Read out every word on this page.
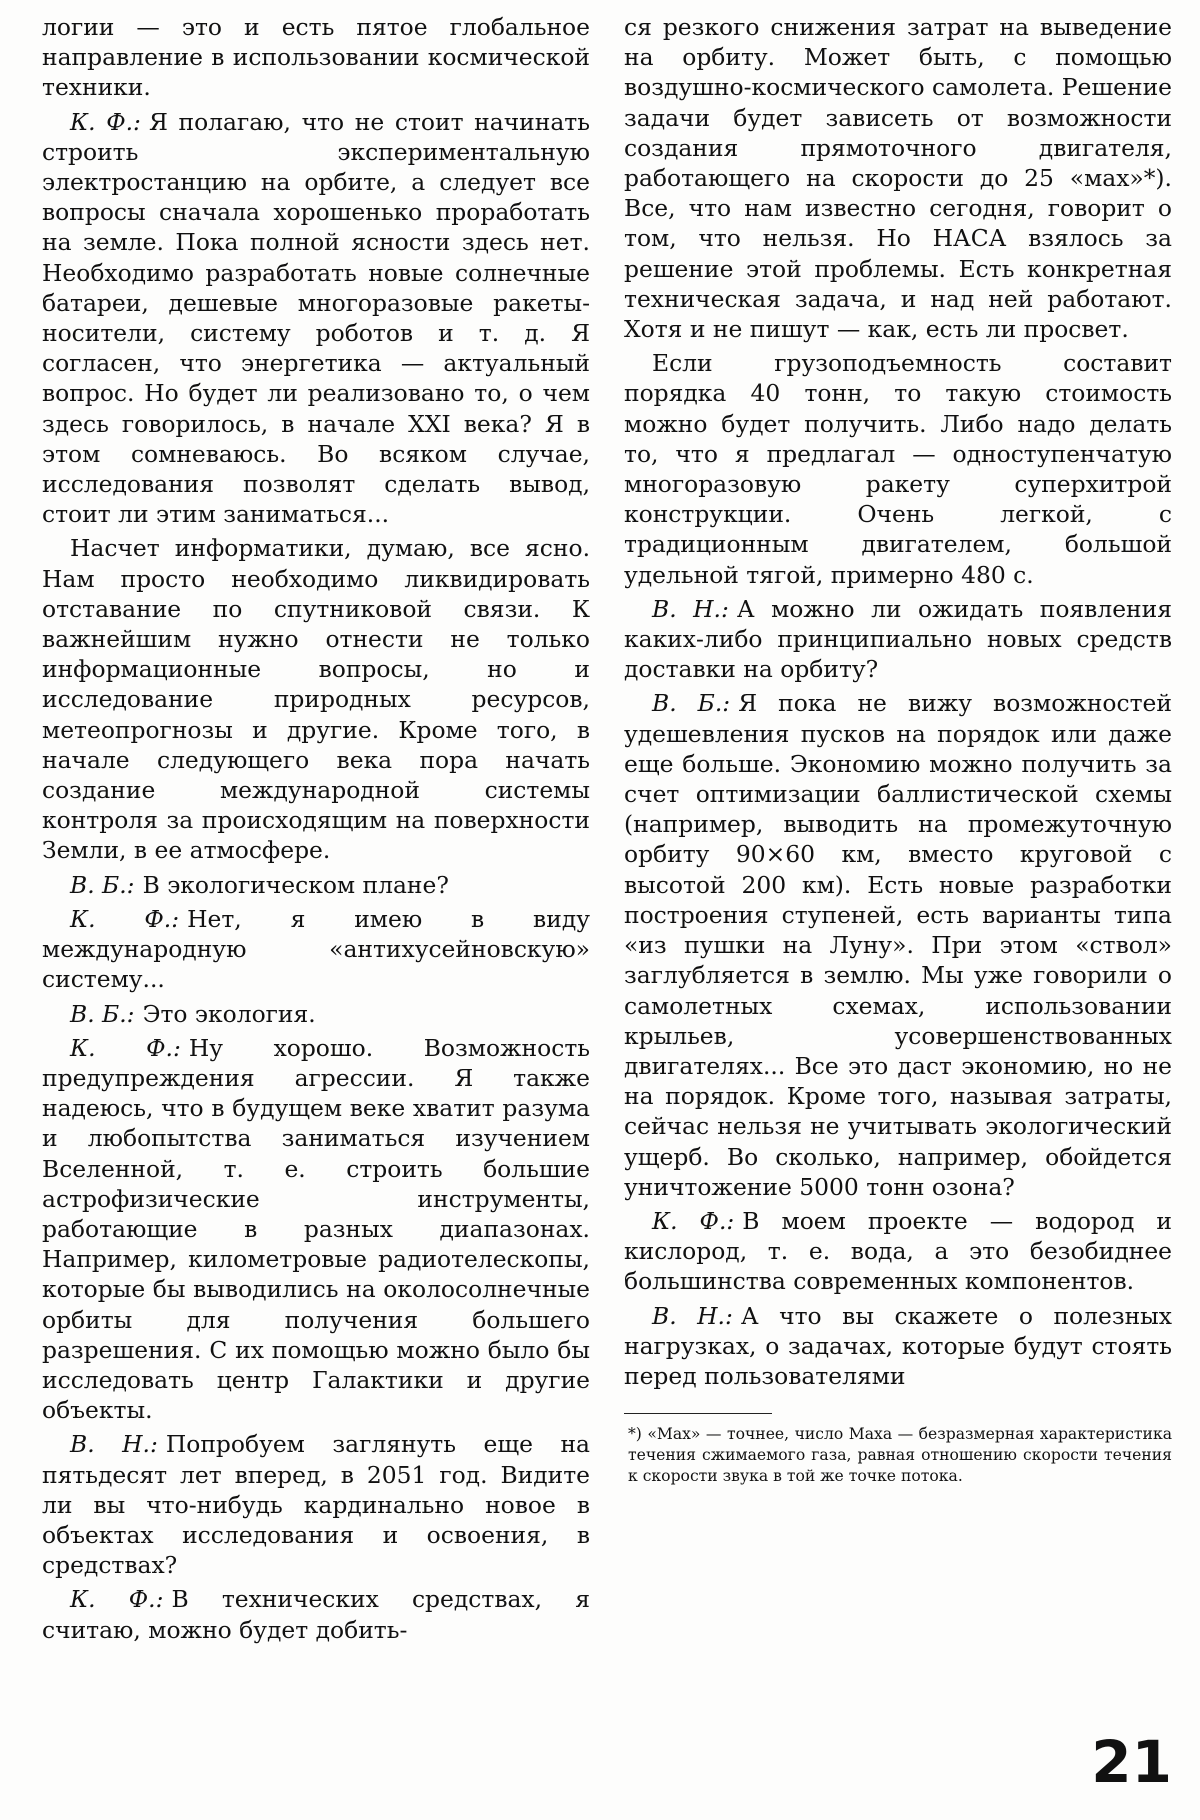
логии — это и есть пятое глобальное направление в использовании космической техники.

К. Ф.: Я полагаю, что не стоит начинать строить экспериментальную электростанцию на орбите, а следует все вопросы сначала хорошенько проработать на земле. Пока полной ясности здесь нет. Необходимо разработать новые солнечные батареи, дешевые многоразовые ракеты-носители, систему роботов и т. д. Я согласен, что энергетика — актуальный вопрос. Но будет ли реализовано то, о чем здесь говорилось, в начале XXI века? Я в этом сомневаюсь. Во всяком случае, исследования позволят сделать вывод, стоит ли этим заниматься...

Насчет информатики, думаю, все ясно. Нам просто необходимо ликвидировать отставание по спутниковой связи. К важнейшим нужно отнести не только информационные вопросы, но и исследование природных ресурсов, метеопрогнозы и другие. Кроме того, в начале следующего века пора начать создание международной системы контроля за происходящим на поверхности Земли, в ее атмосфере.

В. Б.: В экологическом плане?

К. Ф.: Нет, я имею в виду международную «антихусейновскую» систему...

В. Б.: Это экология.

К. Ф.: Ну хорошо. Возможность предупреждения агрессии. Я также надеюсь, что в будущем веке хватит разума и любопытства заниматься изучением Вселенной, т. е. строить большие астрофизические инструменты, работающие в разных диапазонах. Например, километровые радиотелескопы, которые бы выводились на околосолнечные орбиты для получения большего разрешения. С их помощью можно было бы исследовать центр Галактики и другие объекты.

В. Н.: Попробуем заглянуть еще на пятьдесят лет вперед, в 2051 год. Видите ли вы что-нибудь кардинально новое в объектах исследования и освоения, в средствах?

К. Ф.: В технических средствах, я считаю, можно будет добить-

ся резкого снижения затрат на выведение на орбиту. Может быть, с помощью воздушно-космического самолета. Решение задачи будет зависеть от возможности создания прямоточного двигателя, работающего на скорости до 25 «мах»*). Все, что нам известно сегодня, говорит о том, что нельзя. Но НАСА взялось за решение этой проблемы. Есть конкретная техническая задача, и над ней работают. Хотя и не пишут — как, есть ли просвет.

Если грузоподъемность составит порядка 40 тонн, то такую стоимость можно будет получить. Либо надо делать то, что я предлагал — одноступенчатую многоразовую ракету суперхитрой конструкции. Очень легкой, с традиционным двигателем, большой удельной тягой, примерно 480 с.

В. Н.: А можно ли ожидать появления каких-либо принципиально новых средств доставки на орбиту?

В. Б.: Я пока не вижу возможностей удешевления пусков на порядок или даже еще больше. Экономию можно получить за счет оптимизации баллистической схемы (например, выводить на промежуточную орбиту 90×60 км, вместо круговой с высотой 200 км). Есть новые разработки построения ступеней, есть варианты типа «из пушки на Луну». При этом «ствол» заглубляется в землю. Мы уже говорили о самолетных схемах, использовании крыльев, усовершенствованных двигателях... Все это даст экономию, но не на порядок. Кроме того, называя затраты, сейчас нельзя не учитывать экологический ущерб. Во сколько, например, обойдется уничтожение 5000 тонн озона?

К. Ф.: В моем проекте — водород и кислород, т. е. вода, а это безобиднее большинства современных компонентов.

В. Н.: А что вы скажете о полезных нагрузках, о задачах, которые будут стоять перед пользователями

*) «Мах» — точнее, число Маха — безразмерная характеристика течения сжимаемого газа, равная отношению скорости течения к скорости звука в той же точке потока.

21
